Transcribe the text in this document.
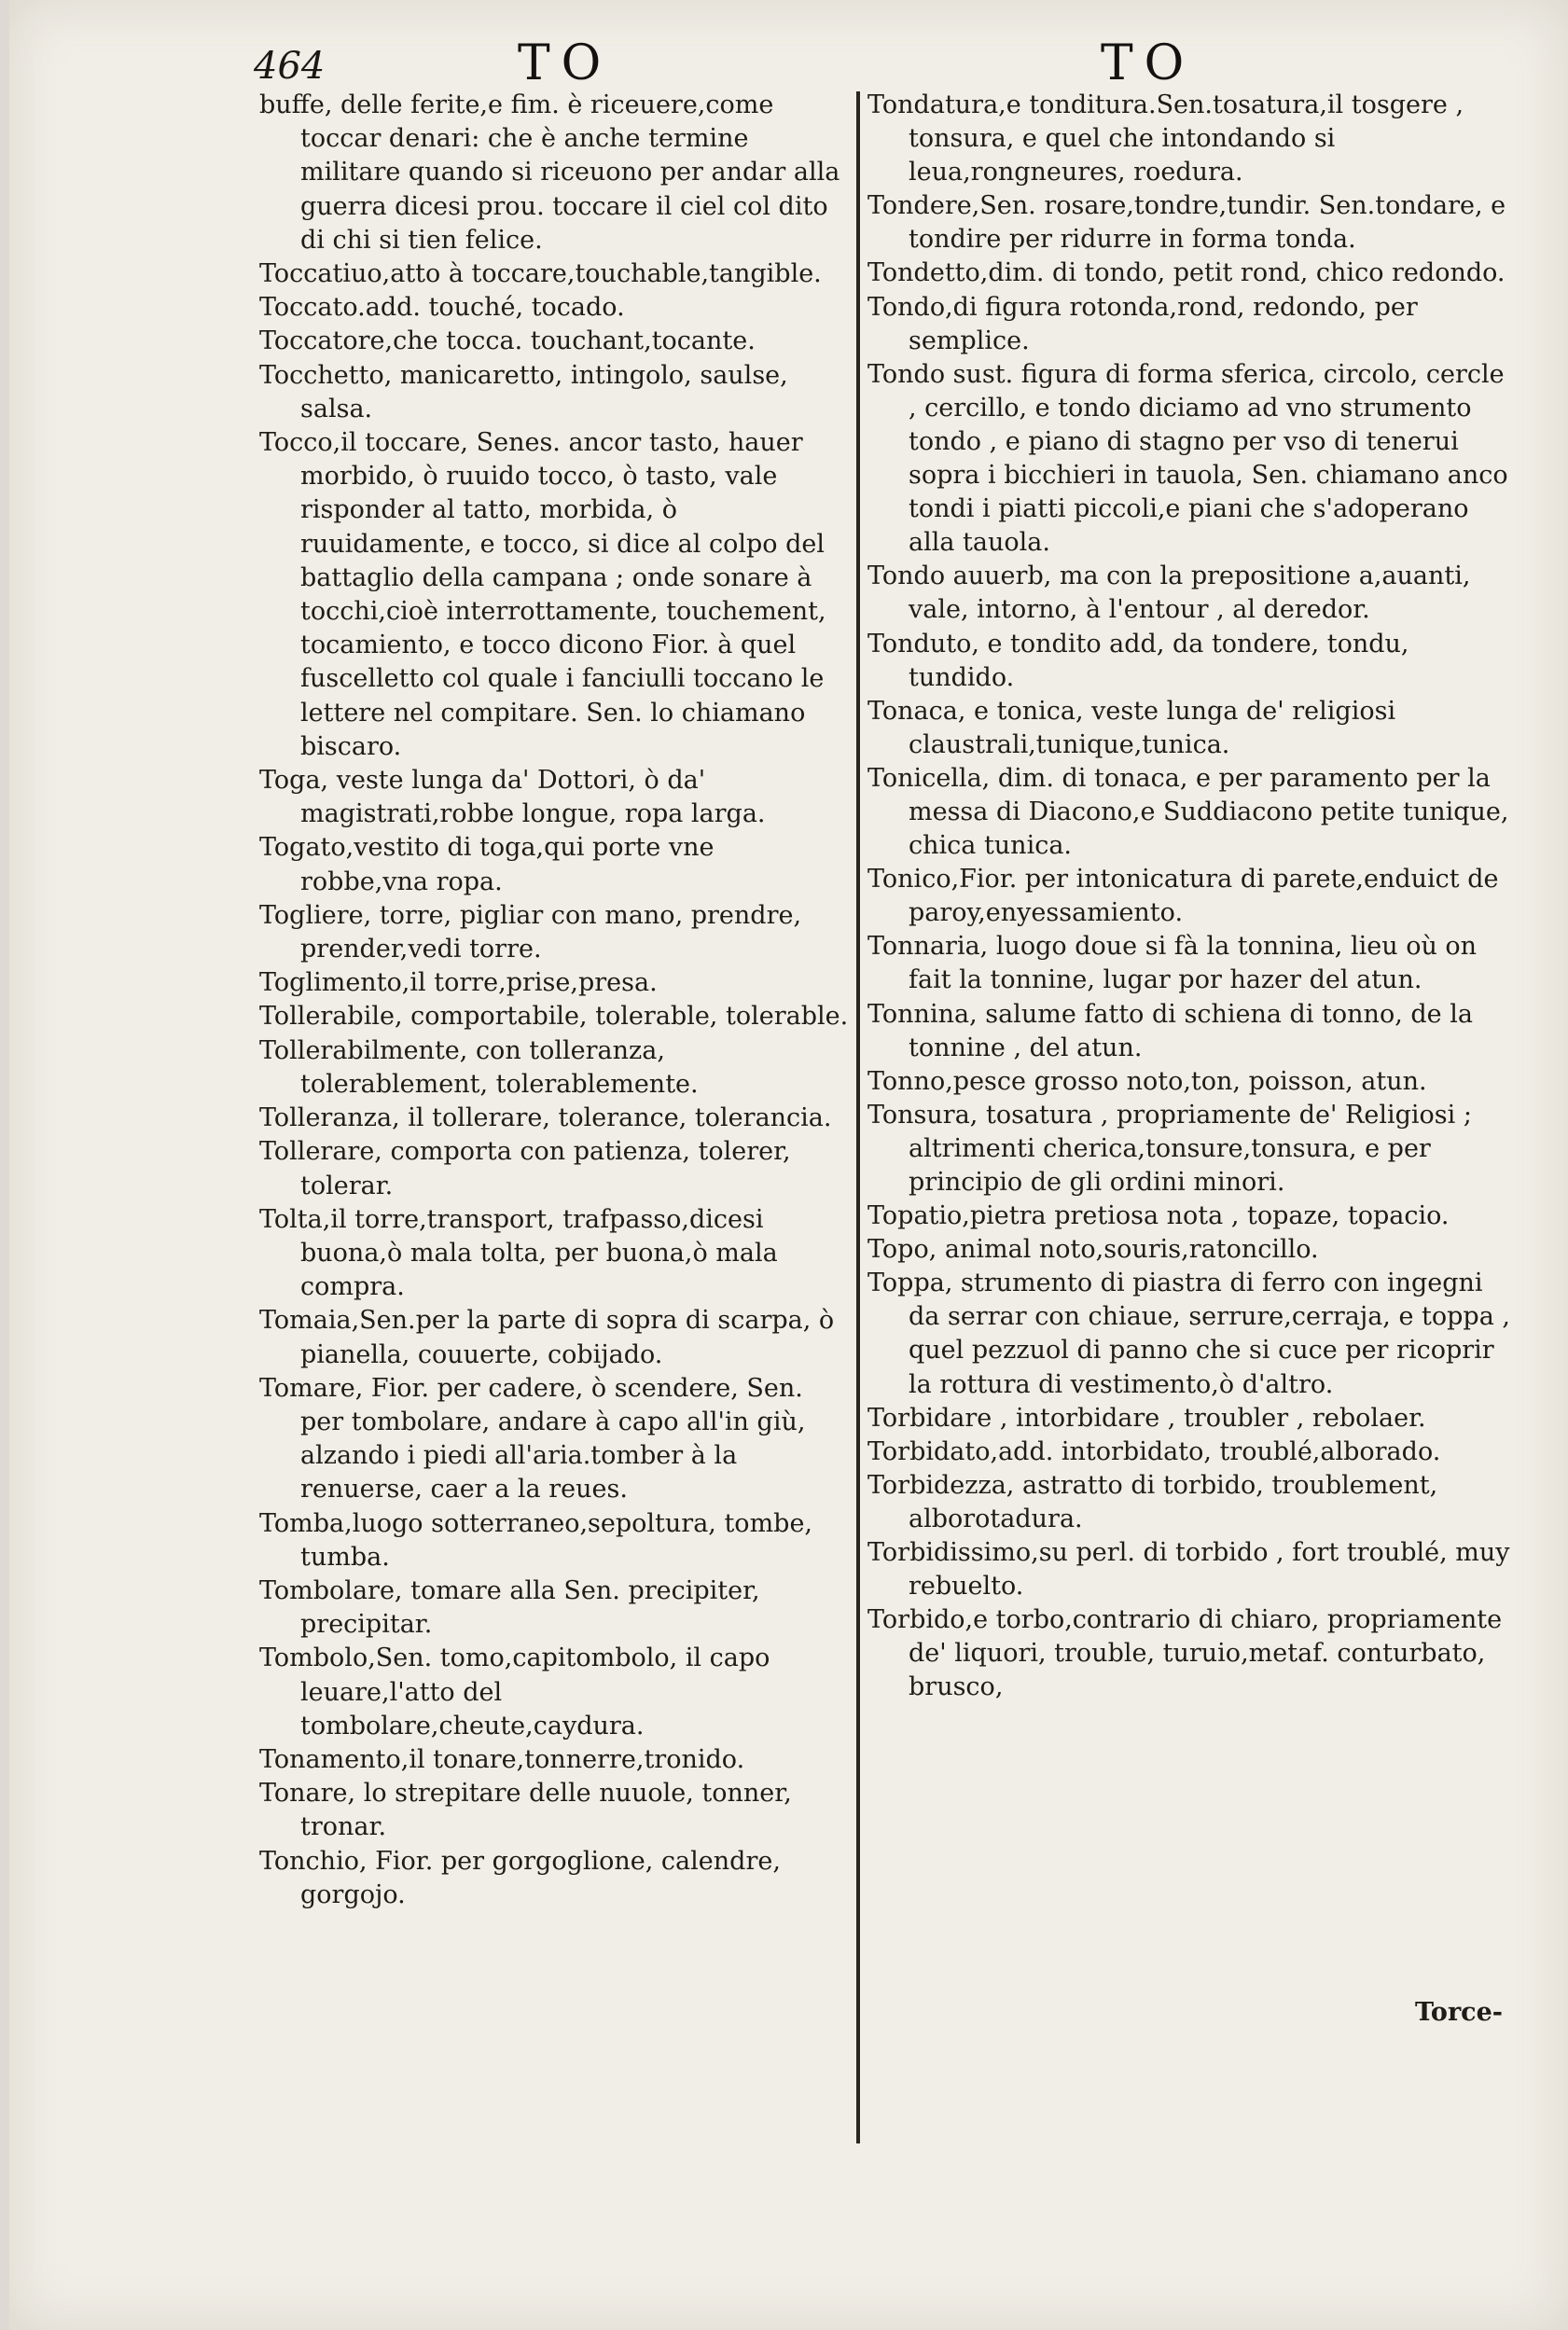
464	TO	TO

buffe, delle ferite,e fim. è riceuere,come toccar denari: che è anche termine militare quando si riceuono per andar alla guerra dicesi prou. toccare il ciel col dito di chi si tien felice.

Toccatiuo,atto à toccare,touchable,tangible.

Toccato.add. touché, tocado.

Toccatore,che tocca. touchant,tocante.

Tocchetto, manicaretto, intingolo, saulse, salsa.

Tocco,il toccare, Senes. ancor tasto, hauer morbido, ò ruuido tocco, ò tasto, vale risponder al tatto, morbida, ò ruuidamente, e tocco, si dice al colpo del battaglio della campana ; onde sonare à tocchi,cioè interrottamente, touchement, tocamiento, e tocco dicono Fior. à quel fuscelletto col quale i fanciulli toccano le lettere nel compitare. Sen. lo chiamano biscaro.

Toga, veste lunga da' Dottori, ò da' magistrati,robbe longue, ropa larga.

Togato,vestito di toga,qui porte vne robbe,vna ropa.

Togliere, torre, pigliar con mano, prendre, prender,vedi torre.

Toglimento,il torre,prise,presa.

Tollerabile, comportabile, tolerable, tolerable.

Tollerabilmente, con tolleranza, tolerablement, tolerablemente.

Tolleranza, il tollerare, tolerance, tolerancia.

Tollerare, comporta con patienza, tolerer, tolerar.

Tolta,il torre,transport, trafpasso,dicesi buona,ò mala tolta, per buona,ò mala compra.

Tomaia,Sen.per la parte di sopra di scarpa, ò pianella, couuerte, cobijado.

Tomare, Fior. per cadere, ò scendere, Sen. per tombolare, andare à capo all'in giù, alzando i piedi all'aria.tomber à la renuerse, caer a la reues.

Tomba,luogo sotterraneo,sepoltura, tombe, tumba.

Tombolare, tomare alla Sen. precipiter, precipitar.

Tombolo,Sen. tomo,capitombolo, il capo leuare,l'atto del tombolare,cheute,caydura.

Tonamento,il tonare,tonnerre,tronido.

Tonare, lo strepitare delle nuuole, tonner, tronar.

Tonchio, Fior. per gorgoglione, calendre, gorgojo.

Tondatura,e tonditura.Sen.tosatura,il tosgere , tonsura, e quel che intondando si leua,rongneures, roedura.

Tondere,Sen. rosare,tondre,tundir. Sen.tondare, e tondire per ridurre in forma tonda.

Tondetto,dim. di tondo, petit rond, chico redondo.

Tondo,di figura rotonda,rond, redondo, per semplice.

Tondo sust. figura di forma sferica, circolo, cercle , cercillo, e tondo diciamo ad vno strumento tondo , e piano di stagno per vso di tenerui sopra i bicchieri in tauola, Sen. chiamano anco tondi i piatti piccoli,e piani che s'adoperano alla tauola.

Tondo auuerb, ma con la prepositione a,auanti, vale, intorno, à l'entour , al deredor.

Tonduto, e tondito add, da tondere, tondu, tundido.

Tonaca, e tonica, veste lunga de' religiosi claustrali,tunique,tunica.

Tonicella, dim. di tonaca, e per paramento per la messa di Diacono,e Suddiacono petite tunique, chica tunica.

Tonico,Fior. per intonicatura di parete,enduict de paroy,enyessamiento.

Tonnaria, luogo doue si fà la tonnina, lieu où on fait la tonnine, lugar por hazer del atun.

Tonnina, salume fatto di schiena di tonno, de la tonnine , del atun.

Tonno,pesce grosso noto,ton, poisson, atun.

Tonsura, tosatura , propriamente de' Religiosi ; altrimenti cherica,tonsure,tonsura, e per principio de gli ordini minori.

Topatio,pietra pretiosa nota , topaze, topacio.

Topo, animal noto,souris,ratoncillo.

Toppa, strumento di piastra di ferro con ingegni da serrar con chiaue, serrure,cerraja, e toppa , quel pezzuol di panno che si cuce per ricoprir la rottura di vestimento,ò d'altro.

Torbidare , intorbidare , troubler , rebolaer.

Torbidato,add. intorbidato, troublé,alborado.

Torbidezza, astratto di torbido, troublement, alborotadura.

Torbidissimo,su perl. di torbido , fort troublé, muy rebuelto.

Torbido,e torbo,contrario di chiaro, propriamente de' liquori, trouble, turuio,metaf. conturbato, brusco,

Torce-
